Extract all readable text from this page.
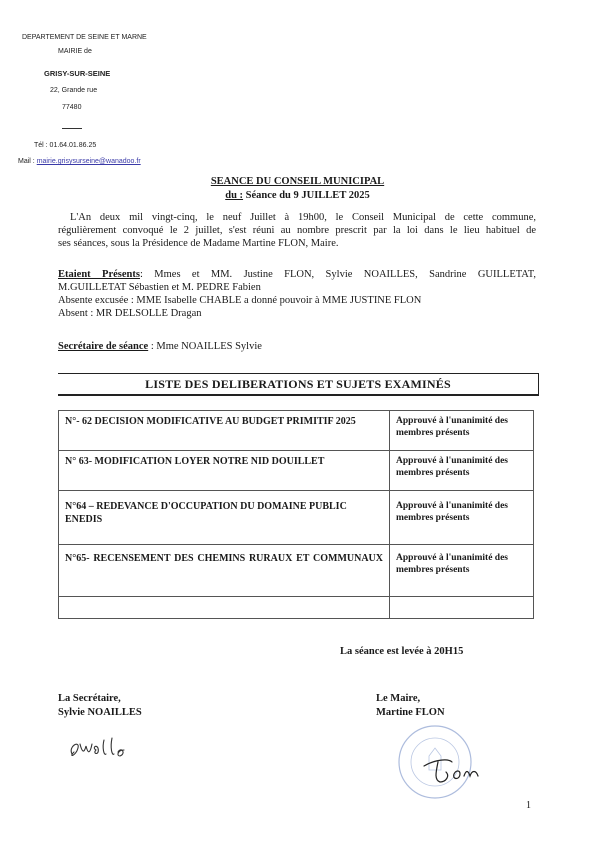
DEPARTEMENT DE SEINE ET MARNE
MAIRIE de
GRISY-SUR-SEINE
22, Grande rue
77480
Tél : 01.64.01.86.25
Mail : mairie.grisysurseine@wanadoo.fr
SEANCE DU CONSEIL MUNICIPAL
du : Séance du 9 JUILLET 2025
L'An deux mil vingt-cinq, le neuf Juillet à 19h00, le Conseil Municipal de cette commune,
régulièrement convoqué le 2 juillet, s'est réuni au nombre prescrit par la loi dans le lieu habituel de
ses séances, sous la Présidence de Madame Martine FLON, Maire.
Etaient Présents: Mmes et MM. Justine FLON, Sylvie NOAILLES, Sandrine GUILLETAT,
M.GUILLETAT Sébastien et M. PEDRE Fabien
Absente excusée : MME Isabelle CHABLE a donné pouvoir à MME JUSTINE FLON
Absent : MR DELSOLLE Dragan
Secrétaire de séance : Mme NOAILLES Sylvie
LISTE DES DELIBERATIONS ET SUJETS EXAMINÉS
N°- 62 DECISION MODIFICATIVE AU BUDGET PRIMITIF 2025	Approuvé à l'unanimité des membres présents
N° 63- MODIFICATION LOYER NOTRE NID DOUILLET	Approuvé à l'unanimité des membres présents
N°64 – REDEVANCE D'OCCUPATION DU DOMAINE PUBLIC ENEDIS	Approuvé à l'unanimité des membres présents
N°65- RECENSEMENT DES CHEMINS RURAUX ET COMMUNAUX	Approuvé à l'unanimité des membres présents

La séance est levée à 20H15
La Secrétaire,
Sylvie NOAILLES
Le Maire,
Martine FLON
1
